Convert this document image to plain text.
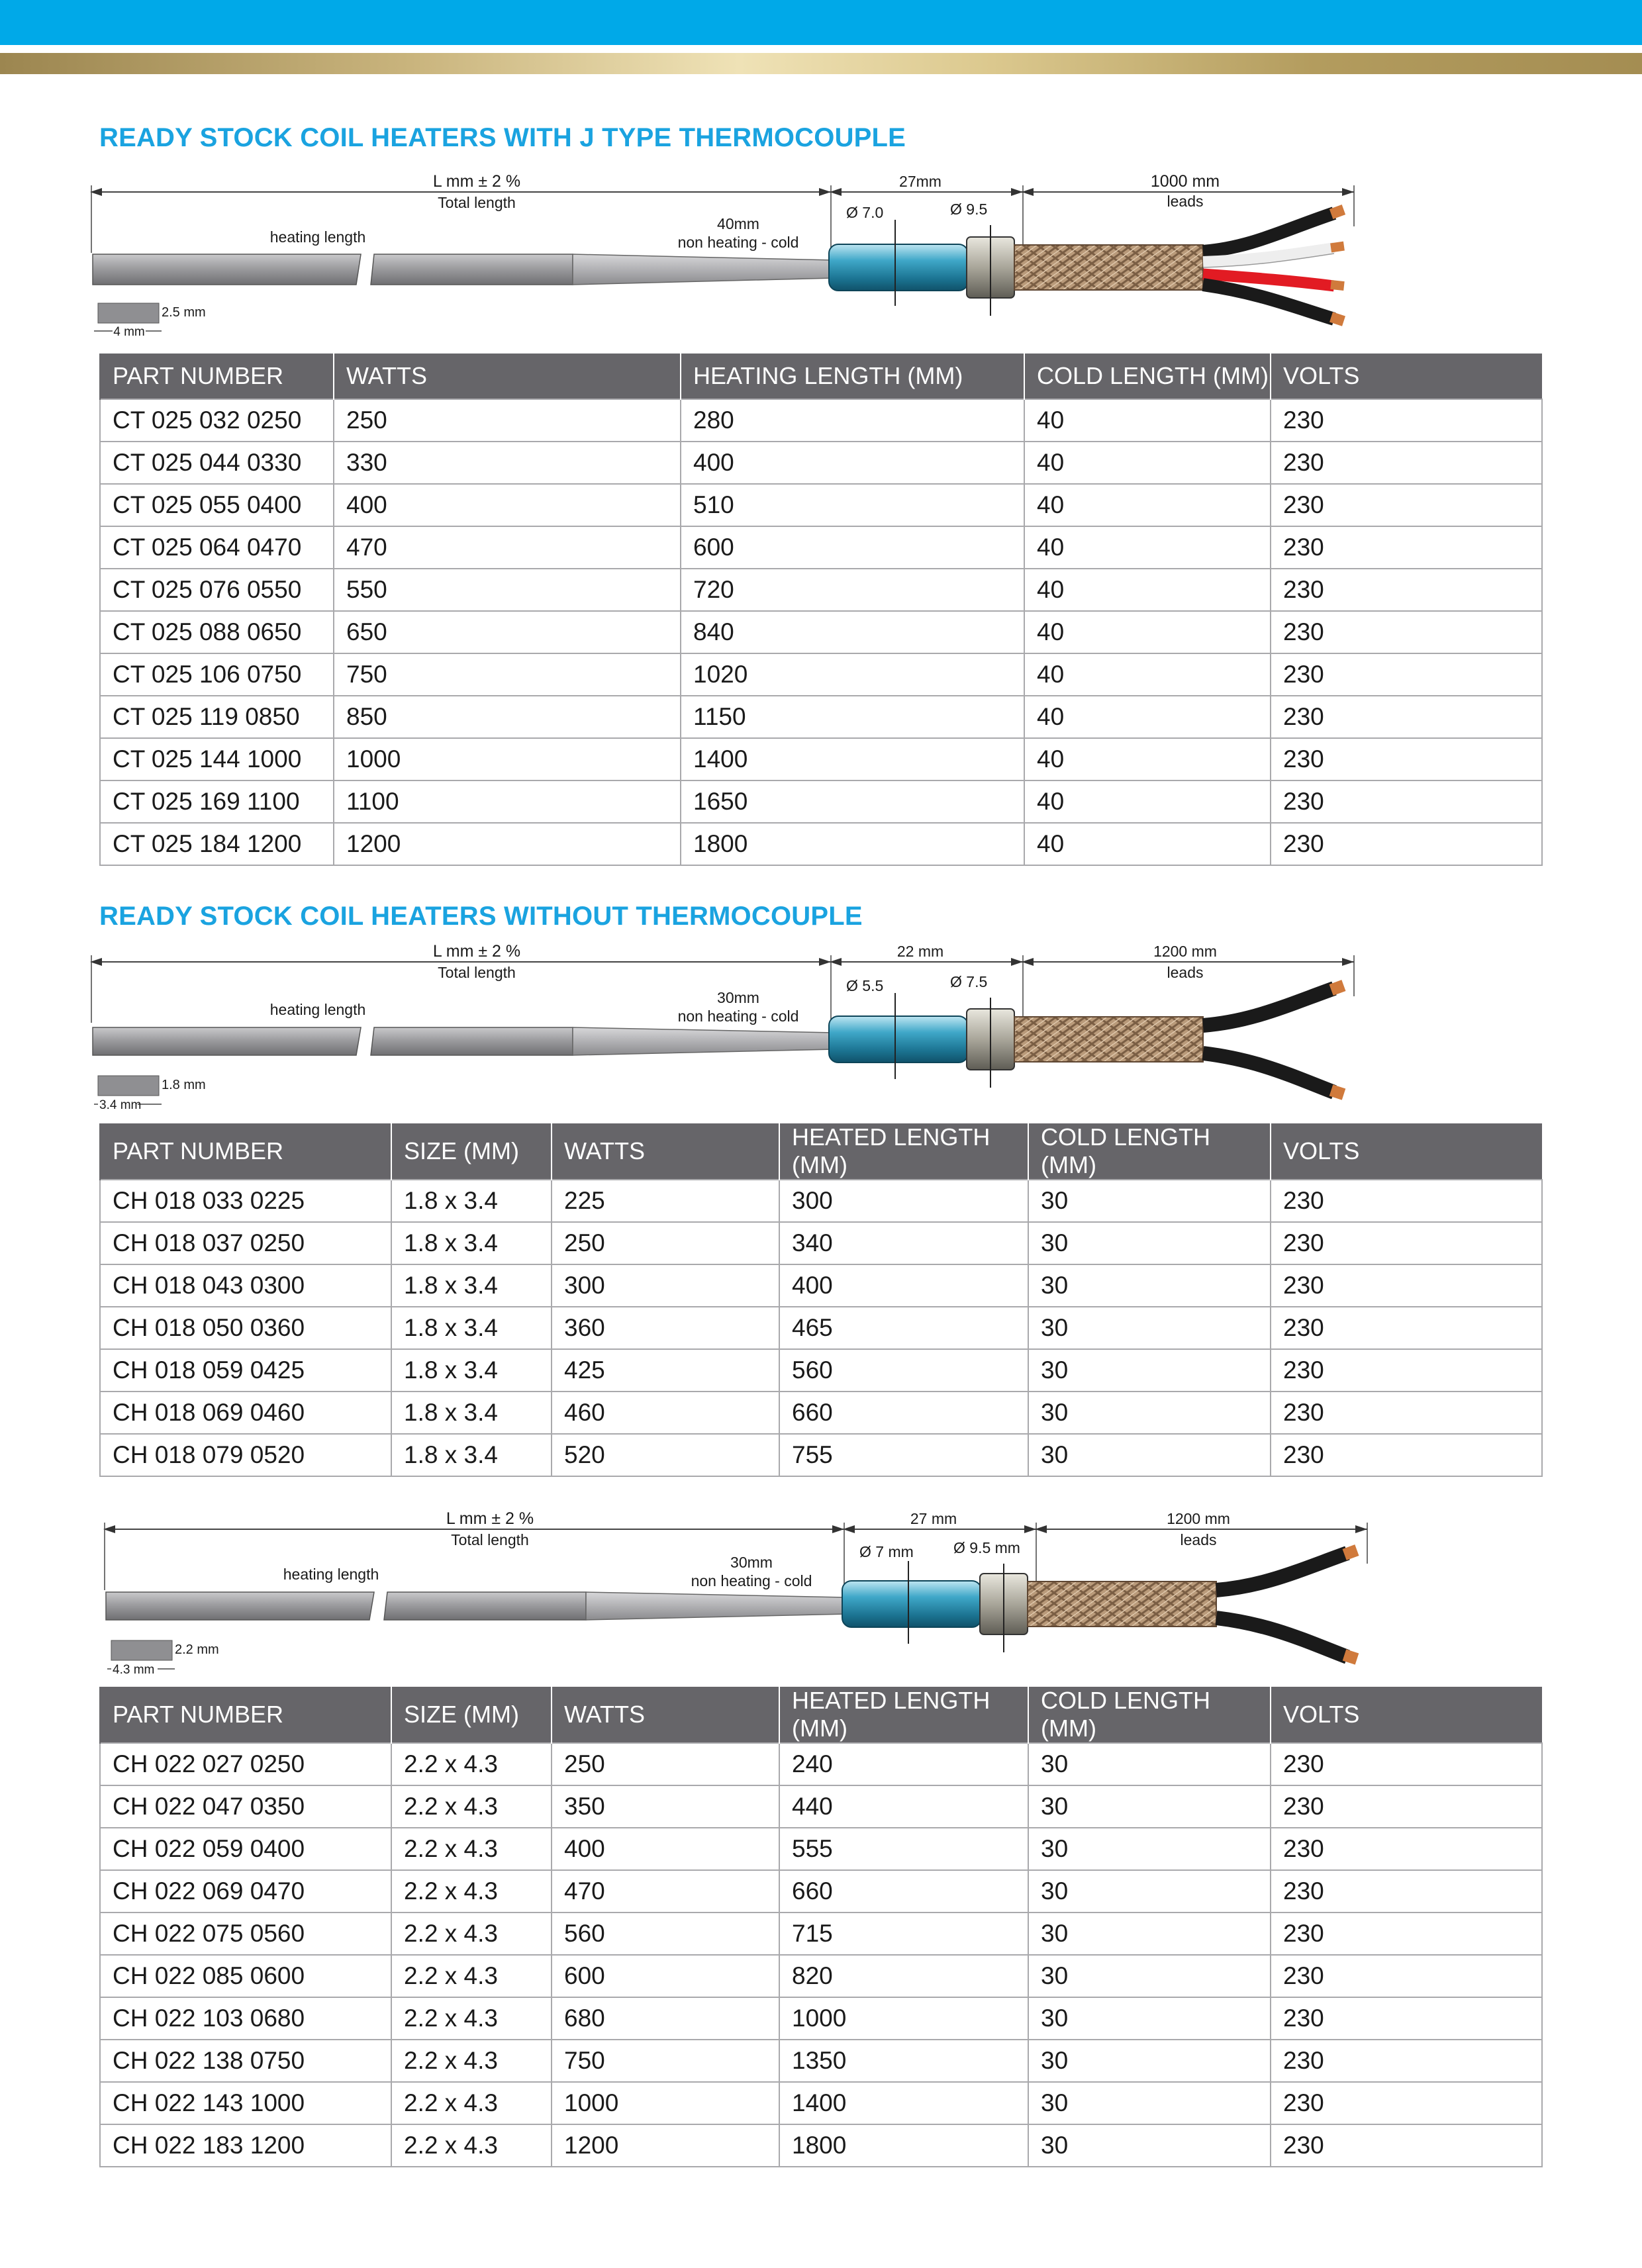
READY STOCK COIL HEATERS WITH J TYPE THERMOCOUPLE
L mm ± 2 %
Total length
heating length
40mm
non heating - cold
27mm
Ø 7.0	Ø 9.5
1000 mm
leads
2.5 mm
4 mm
PART NUMBER	WATTS	HEATING LENGTH (MM)	COLD LENGTH (MM)	VOLTS
CT 025 032 0250	250	280	40	230
CT 025 044 0330	330	400	40	230
CT 025 055 0400	400	510	40	230
CT 025 064 0470	470	600	40	230
CT 025 076 0550	550	720	40	230
CT 025 088 0650	650	840	40	230
CT 025 106 0750	750	1020	40	230
CT 025 119 0850	850	1150	40	230
CT 025 144 1000	1000	1400	40	230
CT 025 169 1100	1100	1650	40	230
CT 025 184 1200	1200	1800	40	230
READY STOCK COIL HEATERS WITHOUT THERMOCOUPLE
L mm ± 2 %
Total length
heating length
30mm
non heating - cold
22 mm
Ø 5.5	Ø 7.5
1200 mm
leads
1.8 mm
3.4 mm
PART NUMBER	SIZE (MM)	WATTS	HEATED LENGTH (MM)	COLD LENGTH (MM)	VOLTS
CH 018 033 0225	1.8 x 3.4	225	300	30	230
CH 018 037 0250	1.8 x 3.4	250	340	30	230
CH 018 043 0300	1.8 x 3.4	300	400	30	230
CH 018 050 0360	1.8 x 3.4	360	465	30	230
CH 018 059 0425	1.8 x 3.4	425	560	30	230
CH 018 069 0460	1.8 x 3.4	460	660	30	230
CH 018 079 0520	1.8 x 3.4	520	755	30	230
L mm ± 2 %
Total length
heating length
30mm
non heating - cold
27 mm
Ø 7 mm	Ø 9.5 mm
1200 mm
leads
2.2 mm
4.3 mm
PART NUMBER	SIZE (MM)	WATTS	HEATED LENGTH (MM)	COLD LENGTH (MM)	VOLTS
CH 022 027 0250	2.2 x 4.3	250	240	30	230
CH 022 047 0350	2.2 x 4.3	350	440	30	230
CH 022 059 0400	2.2 x 4.3	400	555	30	230
CH 022 069 0470	2.2 x 4.3	470	660	30	230
CH 022 075 0560	2.2 x 4.3	560	715	30	230
CH 022 085 0600	2.2 x 4.3	600	820	30	230
CH 022 103 0680	2.2 x 4.3	680	1000	30	230
CH 022 138 0750	2.2 x 4.3	750	1350	30	230
CH 022 143 1000	2.2 x 4.3	1000	1400	30	230
CH 022 183 1200	2.2 x 4.3	1200	1800	30	230
